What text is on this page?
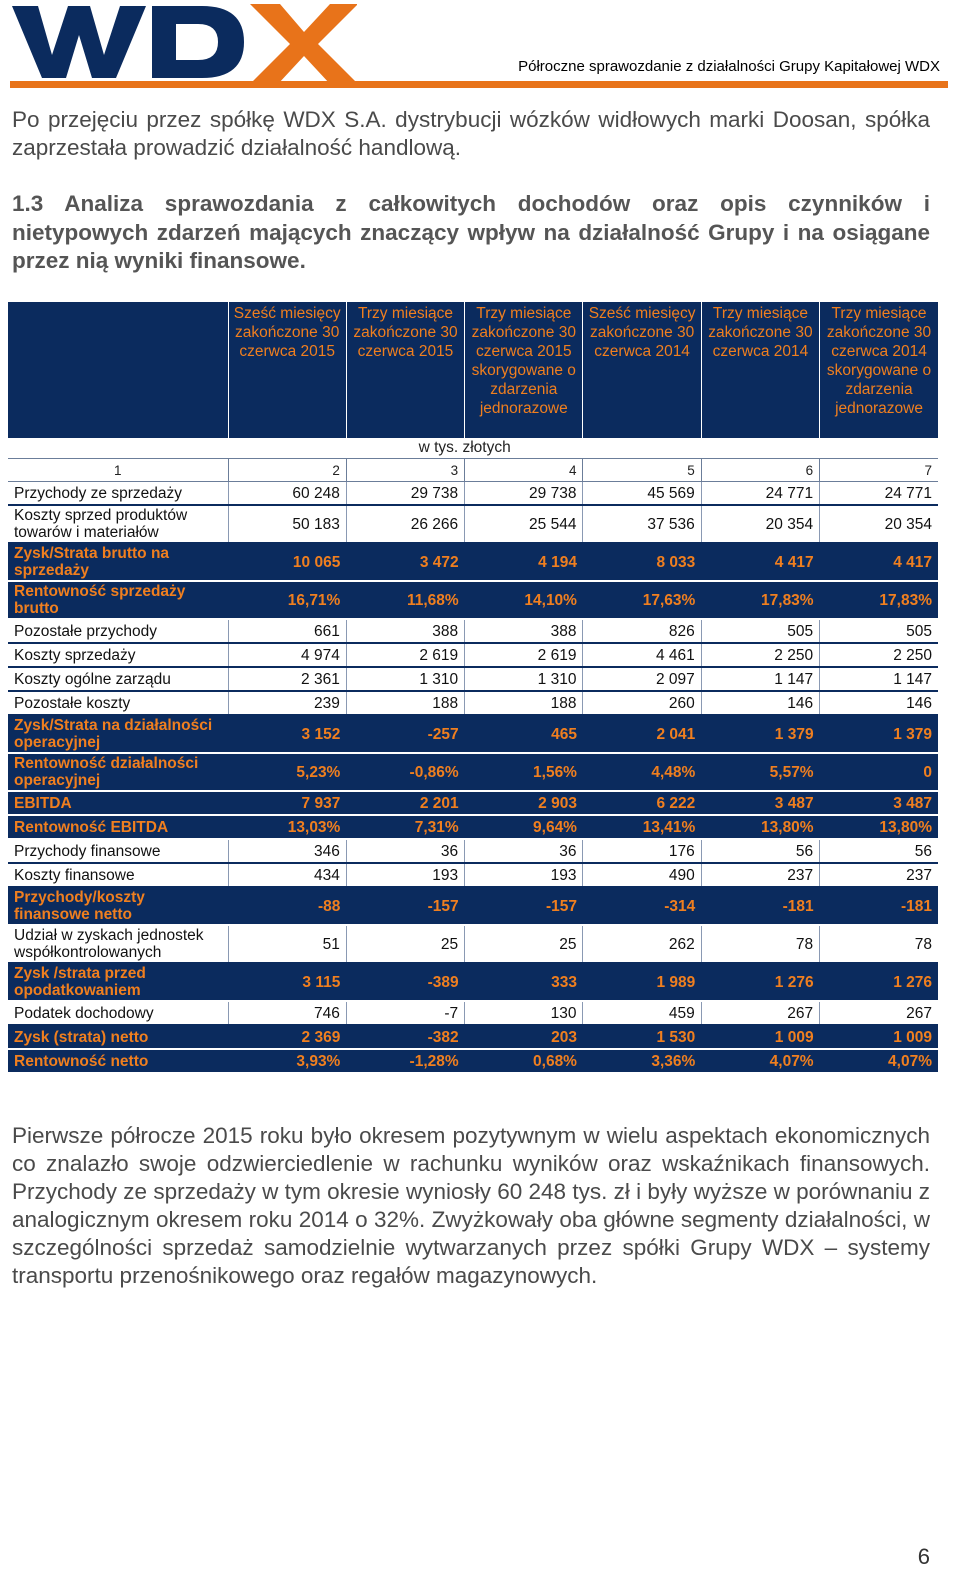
Półroczne sprawozdanie z działalności Grupy Kapitałowej WDX

Po przejęciu przez spółkę WDX S.A. dystrybucji wózków widłowych marki Doosan, spółka zaprzestała prowadzić działalność handlową.

1.3 Analiza sprawozdania z całkowitych dochodów oraz opis czynników i nietypowych zdarzeń mających znaczący wpływ na działalność Grupy i na osiągane przez nią wyniki finansowe.

	Sześć miesięcy zakończone 30 czerwca 2015	Trzy miesiące zakończone 30 czerwca 2015	Trzy miesiące zakończone 30 czerwca 2015 skorygowane o zdarzenia jednorazowe	Sześć miesięcy zakończone 30 czerwca 2014	Trzy miesiące zakończone 30 czerwca 2014	Trzy miesiące zakończone 30 czerwca 2014 skorygowane o zdarzenia jednorazowe
		w tys. złotych				
1	2	3	4	5	6	7
Przychody ze sprzedaży	60 248	29 738	29 738	45 569	24 771	24 771
Koszty sprzed produktów towarów i materiałów	50 183	26 266	25 544	37 536	20 354	20 354
Zysk/Strata brutto na sprzedaży	10 065	3 472	4 194	8 033	4 417	4 417
Rentowność sprzedaży brutto	16,71%	11,68%	14,10%	17,63%	17,83%	17,83%
Pozostałe przychody	661	388	388	826	505	505
Koszty sprzedaży	4 974	2 619	2 619	4 461	2 250	2 250
Koszty ogólne zarządu	2 361	1 310	1 310	2 097	1 147	1 147
Pozostałe koszty	239	188	188	260	146	146
Zysk/Strata na działalności operacyjnej	3 152	-257	465	2 041	1 379	1 379
Rentowność działalności operacyjnej	5,23%	-0,86%	1,56%	4,48%	5,57%	0
EBITDA	7 937	2 201	2 903	6 222	3 487	3 487
Rentowność EBITDA	13,03%	7,31%	9,64%	13,41%	13,80%	13,80%
Przychody finansowe	346	36	36	176	56	56
Koszty finansowe	434	193	193	490	237	237
Przychody/koszty finansowe netto	-88	-157	-157	-314	-181	-181
Udział w zyskach jednostek współkontrolowanych	51	25	25	262	78	78
Zysk /strata przed opodatkowaniem	3 115	-389	333	1 989	1 276	1 276
Podatek dochodowy	746	-7	130	459	267	267
Zysk (strata) netto	2 369	-382	203	1 530	1 009	1 009
Rentowność netto	3,93%	-1,28%	0,68%	3,36%	4,07%	4,07%

Pierwsze półrocze 2015 roku było okresem pozytywnym w wielu aspektach ekonomicznych co znalazło swoje odzwierciedlenie w rachunku wyników oraz wskaźnikach finansowych. Przychody ze sprzedaży w tym okresie wyniosły 60 248 tys. zł i były wyższe w porównaniu z analogicznym okresem roku 2014 o 32%. Zwyżkowały oba główne segmenty działalności, w szczególności sprzedaż samodzielnie wytwarzanych przez spółki Grupy WDX – systemy transportu przenośnikowego oraz regałów magazynowych.

6
